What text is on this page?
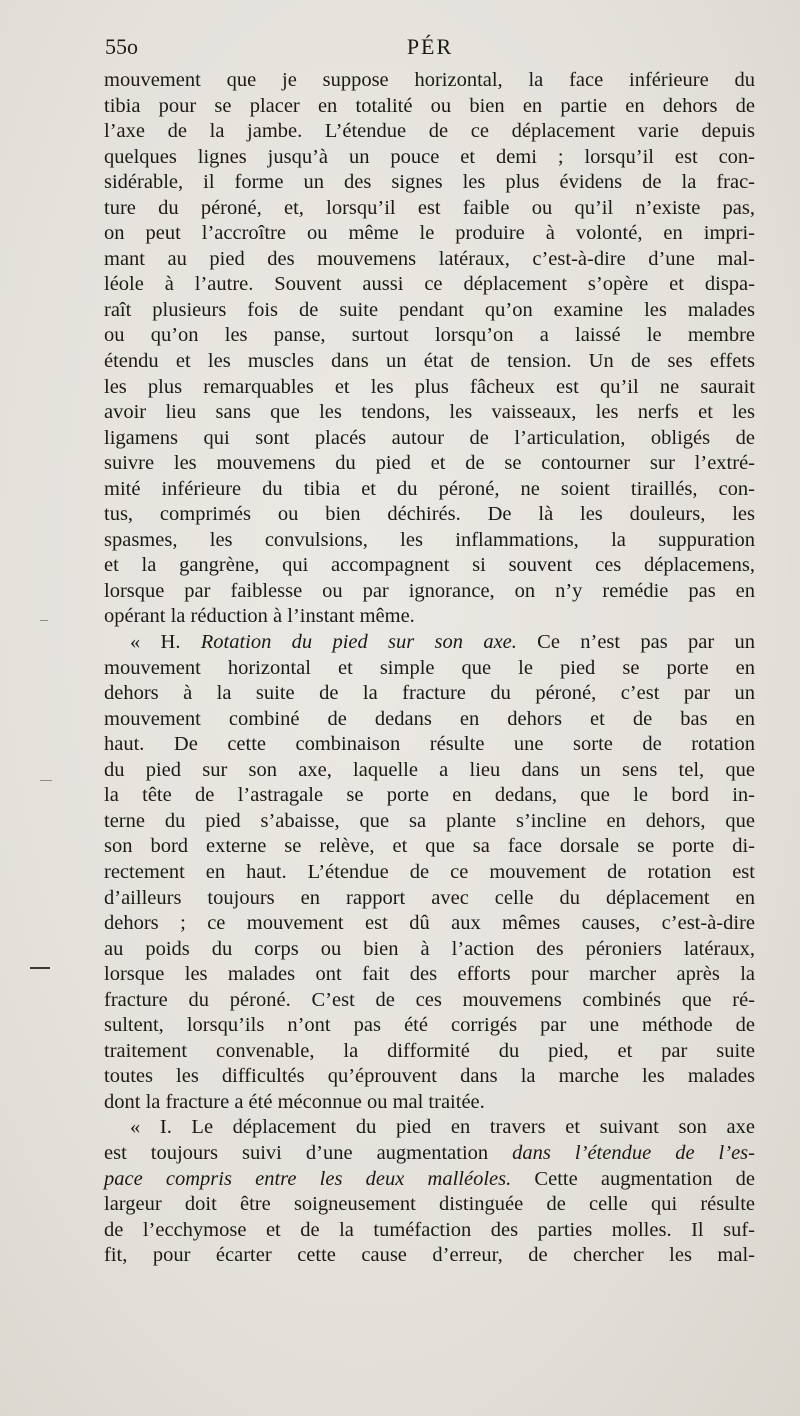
55o	PÉR
mouvement que je suppose horizontal, la face inférieure du
tibia pour se placer en totalité ou bien en partie en dehors de
l’axe de la jambe. L’étendue de ce déplacement varie depuis
quelques lignes jusqu’à un pouce et demi ; lorsqu’il est con-
sidérable, il forme un des signes les plus évidens de la frac-
ture du péroné, et, lorsqu’il est faible ou qu’il n’existe pas,
on peut l’accroître ou même le produire à volonté, en impri-
mant au pied des mouvemens latéraux, c’est-à-dire d’une mal-
léole à l’autre. Souvent aussi ce déplacement s’opère et dispa-
raît plusieurs fois de suite pendant qu’on examine les malades
ou qu’on les panse, surtout lorsqu’on a laissé le membre
étendu et les muscles dans un état de tension. Un de ses effets
les plus remarquables et les plus fâcheux est qu’il ne saurait
avoir lieu sans que les tendons, les vaisseaux, les nerfs et les
ligamens qui sont placés autour de l’articulation, obligés de
suivre les mouvemens du pied et de se contourner sur l’extré-
mité inférieure du tibia et du péroné, ne soient tiraillés, con-
tus, comprimés ou bien déchirés. De là les douleurs, les
spasmes, les convulsions, les inflammations, la suppuration
et la gangrène, qui accompagnent si souvent ces déplacemens,
lorsque par faiblesse ou par ignorance, on n’y remédie pas en
opérant la réduction à l’instant même.
« H. Rotation du pied sur son axe. Ce n’est pas par un
mouvement horizontal et simple que le pied se porte en
dehors à la suite de la fracture du péroné, c’est par un
mouvement combiné de dedans en dehors et de bas en
haut. De cette combinaison résulte une sorte de rotation
du pied sur son axe, laquelle a lieu dans un sens tel, que
la tête de l’astragale se porte en dedans, que le bord in-
terne du pied s’abaisse, que sa plante s’incline en dehors, que
son bord externe se relève, et que sa face dorsale se porte di-
rectement en haut. L’étendue de ce mouvement de rotation est
d’ailleurs toujours en rapport avec celle du déplacement en
dehors ; ce mouvement est dû aux mêmes causes, c’est-à-dire
au poids du corps ou bien à l’action des péroniers latéraux,
lorsque les malades ont fait des efforts pour marcher après la
fracture du péroné. C’est de ces mouvemens combinés que ré-
sultent, lorsqu’ils n’ont pas été corrigés par une méthode de
traitement convenable, la difformité du pied, et par suite
toutes les difficultés qu’éprouvent dans la marche les malades
dont la fracture a été méconnue ou mal traitée.
« I. Le déplacement du pied en travers et suivant son axe
est toujours suivi d’une augmentation dans l’étendue de l’es-
pace compris entre les deux malléoles. Cette augmentation de
largeur doit être soigneusement distinguée de celle qui résulte
de l’ecchymose et de la tuméfaction des parties molles. Il suf-
fit, pour écarter cette cause d’erreur, de chercher les mal-
